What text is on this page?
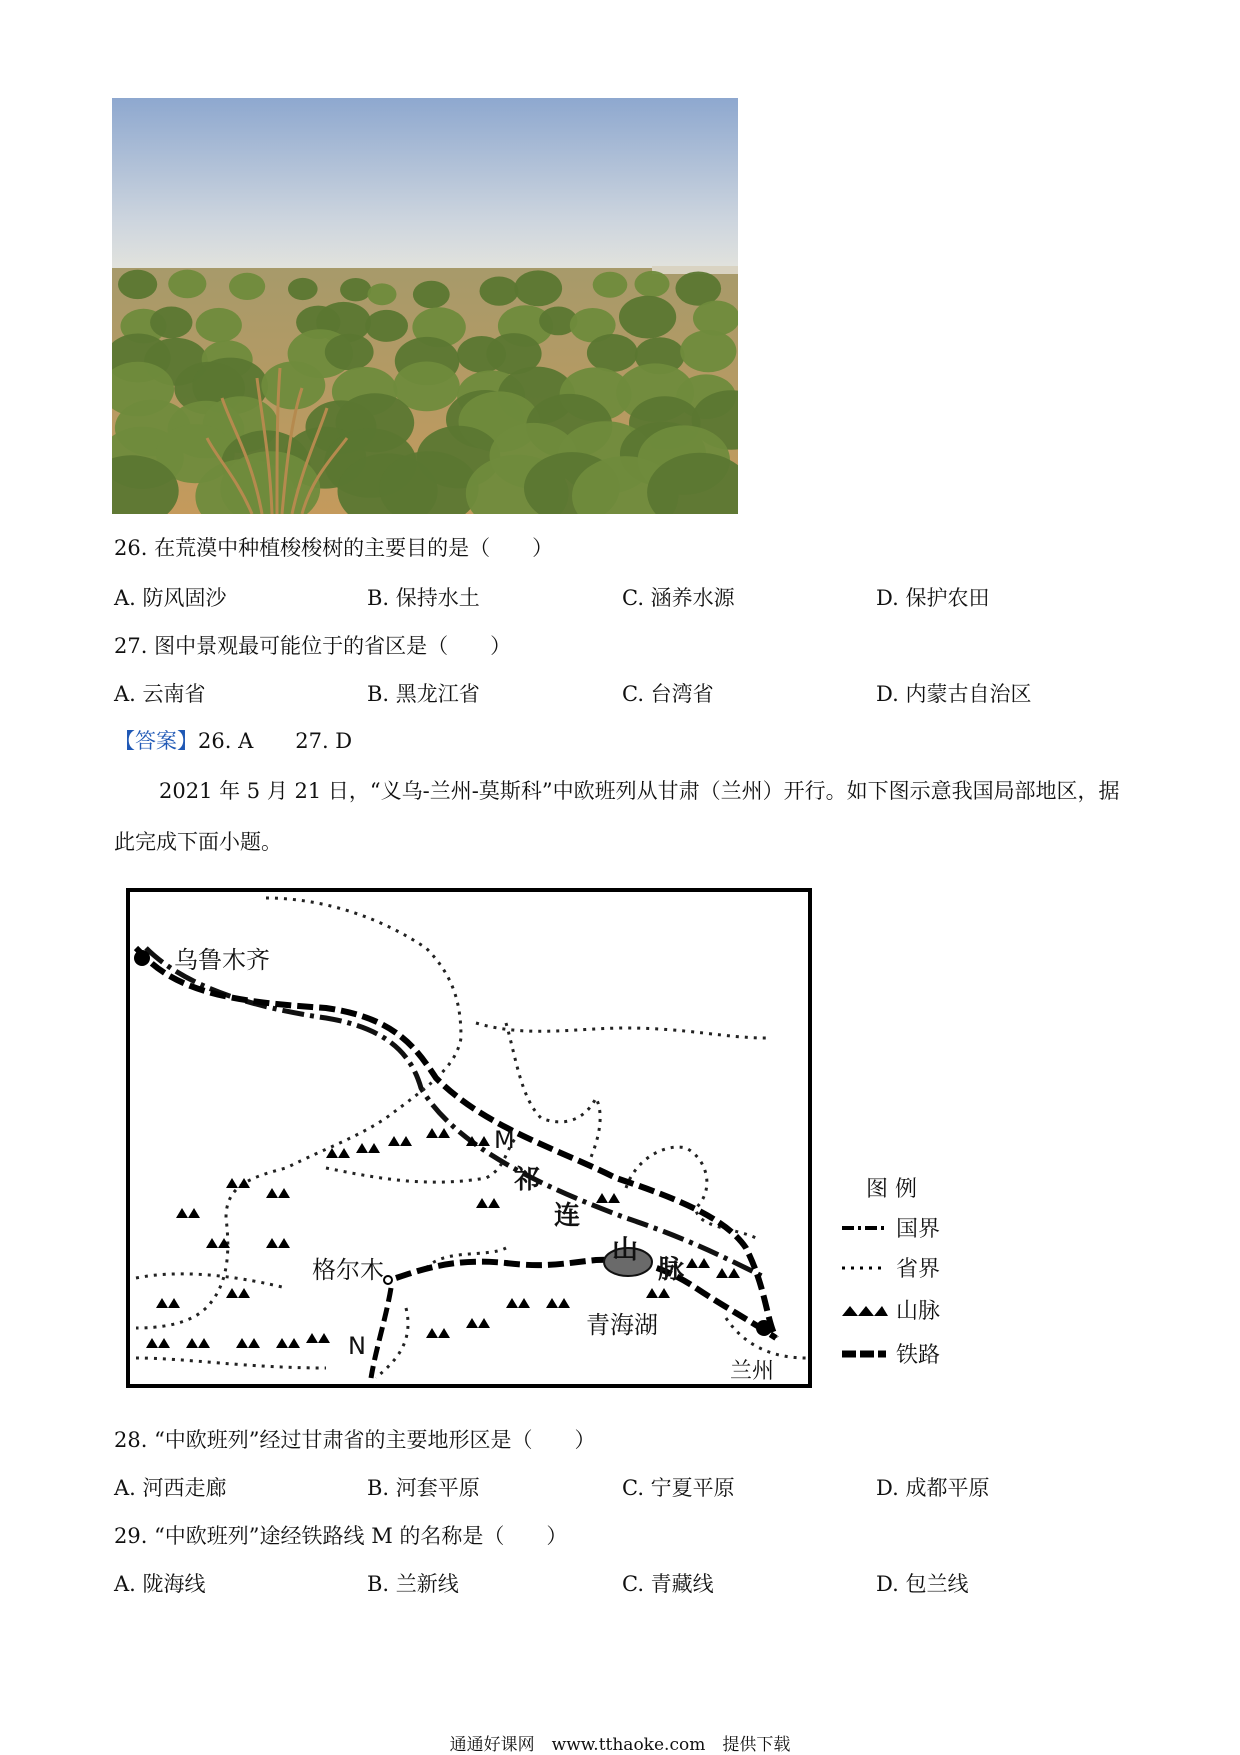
26. 在荒漠中种植梭梭树的主要目的是（　　）
A. 防风固沙	B. 保持水土	C. 涵养水源	D. 保护农田
27. 图中景观最可能位于的省区是（　　）
A. 云南省	B. 黑龙江省	C. 台湾省	D. 内蒙古自治区
【答案】26. A　　27. D
2021 年 5 月 21 日，“义乌-兰州-莫斯科”中欧班列从甘肃（兰州）开行。如下图示意我国局部地区，据此完成下面小题。
乌鲁木齐
M
格尔木
N
青海湖
兰州
祁
连
山
脉
图 例
国界
省界
山脉
铁路
28. “中欧班列”经过甘肃省的主要地形区是（　　）
A. 河西走廊	B. 河套平原	C. 宁夏平原	D. 成都平原
29. “中欧班列”途经铁路线 M 的名称是（　　）
A. 陇海线	B. 兰新线	C. 青藏线	D. 包兰线
通通好课网　www.tthaoke.com　提供下载
